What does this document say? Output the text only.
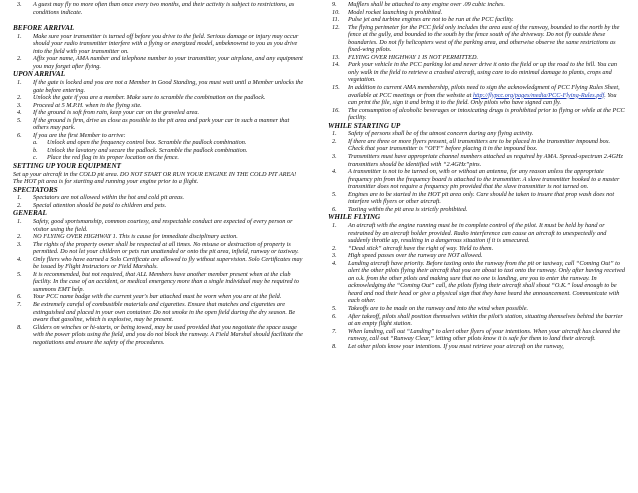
3.	A guest may fly no more often than once every two months, and their activity is subject to restrictions, as conditions indicate.
BEFORE ARRIVAL
1.	Make sure your transmitter is turned off before you drive to the field. Serious damage or injury may occur should your radio transmitter interfere with a flying or energized model, unbeknownst to you as you drive into the field with your transmitter on.
2.	Affix your name, AMA number and telephone number to your transmitter, your airplane, and any equipment you may forget after flying.
UPON ARRIVAL
1.	If the gate is locked and you are not a Member in Good Standing, you must wait until a Member unlocks the gate before entering.
2.	Unlock the gate if you are a member. Make sure to scramble the combination on the padlock.
3.	Proceed at 5 M.P.H. when in the flying site.
4.	If the ground is soft from rain, keep your car on the graveled area.
5.	If the ground is firm, drive as close as possible to the pit area and park your car in such a manner that others may park.
6.	If you are the first Member to arrive:
a.	Unlock and open the frequency control box. Scramble the padlock combination.
b.	Unlock the lavatory and secure the padlock. Scramble the padlock combination.
c.	Place the red flag in its proper location on the fence.
SETTING UP YOUR EQUIPMENT
Set up your aircraft in the COLD pit area. DO NOT START OR RUN YOUR ENGINE IN THE COLD PIT AREA! The HOT pit area is for starting and running your engine prior to a flight.
SPECTATORS
1.	Spectators are not allowed within the hot and cold pit areas.
2.	Special attention should be paid to children and pets.
GENERAL
1.	Safety, good sportsmanship, common courtesy, and respectable conduct are expected of every person or visitor using the field.
2.	NO FLYING OVER HIGHWAY 1. This is cause for immediate disciplinary action.
3.	The rights of the property owner shall be respected at all times. No misuse or destruction of property is permitted. Do not let your children or pets run unattended or onto the pit area, infield, runway or taxiway.
4.	Only fliers who have earned a Solo Certificate are allowed to fly without supervision. Solo Certificates may be issued by Flight Instructors or Field Marshals.
5.	It is recommended, but not required, that ALL Members have another member present when at the club facility. In the case of an accident, or medical emergency more than a single individual may be required to summons EMT help.
6.	Your PCC name badge with the current year's bar attached must be worn when you are at the field.
7.	Be extremely careful of combustible materials and cigarettes. Ensure that matches and cigarettes are extinguished and placed in your own container. Do not smoke in the open field during the dry season. Be aware that gasoline, which is explosive, may be present.
8.	Gliders on winches or hi-starts, or being towed, may be used provided that you negotiate the space usage with the power pilots using the field, and you do not block the runway. A Field Marshal should facilitate the negotiations and ensure the safety of the procedures.
9.	Mufflers shall be attached to any engine over .09 cubic inches.
10.	Model rocket launching is prohibited.
11.	Pulse jet and turbine engines are not to be run at the PCC facility.
12.	The flying perimeter for the PCC field only includes the area east of the runway, bounded to the north by the fence at the gully, and bounded to the south by the fence south of the driveway. Do not fly outside these boundaries. Do not fly helicopters west of the parking area, and otherwise observe the same restrictions as fixed-wing pilots.
13.	FLYING OVER HIGHWAY 1 IS NOT PERMITTED.
14.	Park your vehicle in the PCC parking lot and never drive it onto the field or up the road to the hill. You can only walk in the field to retrieve a crashed aircraft, using care to do minimal damage to plants, crops and vegetation.
15.	In addition to current AMA membership, pilots need to sign the acknowledgment of PCC Flying Rules Sheet, available at PCC meetings or from the website at http://flypcc.org/pages/media/PCC-Flying-Rules.pdf. You can print the file, sign it and bring it to the field. Only pilots who have signed can fly.
16.	The consumption of alcoholic beverages or intoxicating drugs is prohibited prior to flying or while at the PCC facility.
WHILE STARTING UP
1.	Safety of persons shall be of the utmost concern during any flying activity.
2.	If there are three or more flyers present, all transmitters are to be placed in the transmitter impound box. Check that your transmitter is “OFF” before placing it in the impound box.
3.	Transmitters must have appropriate channel numbers attached as required by AMA. Spread-spectrum 2.4GHz transmitters should be identified with “2.4GHz”pins.
4.	A transmitter is not to be turned on, with or without an antenna, for any reason unless the appropriate frequency pin from the frequency board is attached to the transmitter. A slave transmitter hooked to a master transmitter does not require a frequency pin provided that the slave transmitter is not turned on.
5.	Engines are to be started in the HOT pit area only. Care should be taken to insure that prop wash does not interfere with flyers or other aircraft.
6.	Taxiing within the pit area is strictly prohibited.
WHILE FLYING
1.	An aircraft with the engine running must be in complete control of the pilot. It must be held by hand or restrained by an aircraft holder provided. Radio interference can cause an aircraft to unexpectedly and suddenly throttle up, resulting in a dangerous situation if it is unsecured.
2.	“Dead stick” aircraft have the right of way. Yield to them.
3.	High speed passes over the runway are NOT allowed.
4.	Landing aircraft have priority. Before taxiing onto the runway from the pit or taxiway, call “Coming Out” to alert the other pilots flying their aircraft that you are about to taxi onto the runway. Only after having received an o.k. from the other pilots and making sure that no one is landing, are you to enter the runway. In acknowledging the “Coming Out” call, the pilots flying their aircraft shall shout “O.K.” loud enough to be heard and nod their head or give a physical sign that they have heard the announcement. Communicate with each other.
5.	Takeoffs are to be made on the runway and into the wind when possible.
6.	After takeoff, pilots shall position themselves within the pilot’s station, situating themselves behind the barrier at an empty flight station.
7.	When landing, call out “Landing” to alert other flyers of your intentions. When your aircraft has cleared the runway, call out “Runway Clear,” letting other pilots know it is safe for them to land their aircraft.
8.	Let other pilots know your intentions. If you must retrieve your aircraft on the runway,
